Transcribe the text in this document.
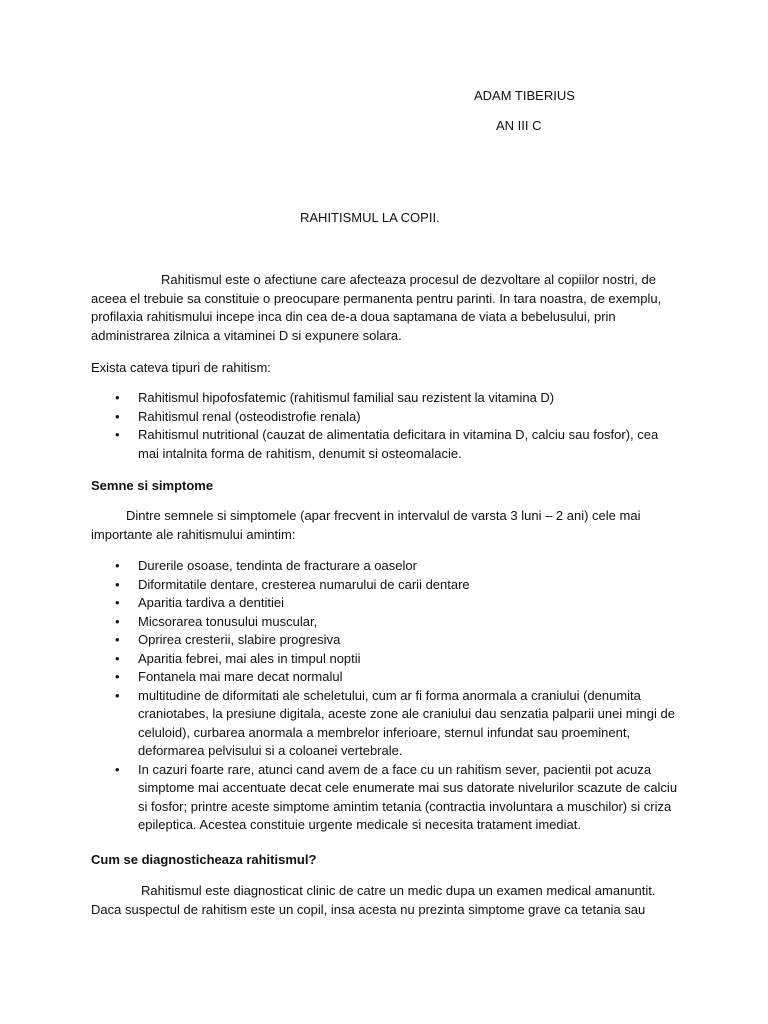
ADAM TIBERIUS
AN III C
RAHITISMUL LA COPII.

Rahitismul este o afectiune care afecteaza procesul de dezvoltare al copiilor nostri, de aceea el trebuie sa constituie o preocupare permanenta pentru parinti. In tara noastra, de exemplu, profilaxia rahitismului incepe inca din cea de-a doua saptamana de viata a bebelusului, prin administrarea zilnica a vitaminei D si expunere solara.

Exista cateva tipuri de rahitism:

• Rahitismul hipofosfatemic (rahitismul familial sau rezistent la vitamina D)
• Rahitismul renal (osteodistrofie renala)
• Rahitismul nutritional (cauzat de alimentatia deficitara in vitamina D, calciu sau fosfor), cea mai intalnita forma de rahitism, denumit si osteomalacie.

Semne si simptome

Dintre semnele si simptomele (apar frecvent in intervalul de varsta 3 luni – 2 ani) cele mai importante ale rahitismului amintim:

• Durerile osoase, tendinta de fracturare a oaselor
• Diformitatile dentare, cresterea numarului de carii dentare
• Aparitia tardiva a dentitiei
• Micsorarea tonusului muscular,
• Oprirea cresterii, slabire progresiva
• Aparitia febrei, mai ales in timpul noptii
• Fontanela mai mare decat normalul
• multitudine de diformitati ale scheletului, cum ar fi forma anormala a craniului (denumita craniotabes, la presiune digitala, aceste zone ale craniului dau senzatia palparii unei mingi de celuloid), curbarea anormala a membrelor inferioare, sternul infundat sau proeminent, deformarea pelvisului si a coloanei vertebrale.
• In cazuri foarte rare, atunci cand avem de a face cu un rahitism sever, pacientii pot acuza simptome mai accentuate decat cele enumerate mai sus datorate nivelurilor scazute de calciu si fosfor; printre aceste simptome amintim tetania (contractia involuntara a muschilor) si criza epileptica. Acestea constituie urgente medicale si necesita tratament imediat.

Cum se diagnosticheaza rahitismul?

Rahitismul este diagnosticat clinic de catre un medic dupa un examen medical amanuntit. Daca suspectul de rahitism este un copil, insa acesta nu prezinta simptome grave ca tetania sau
